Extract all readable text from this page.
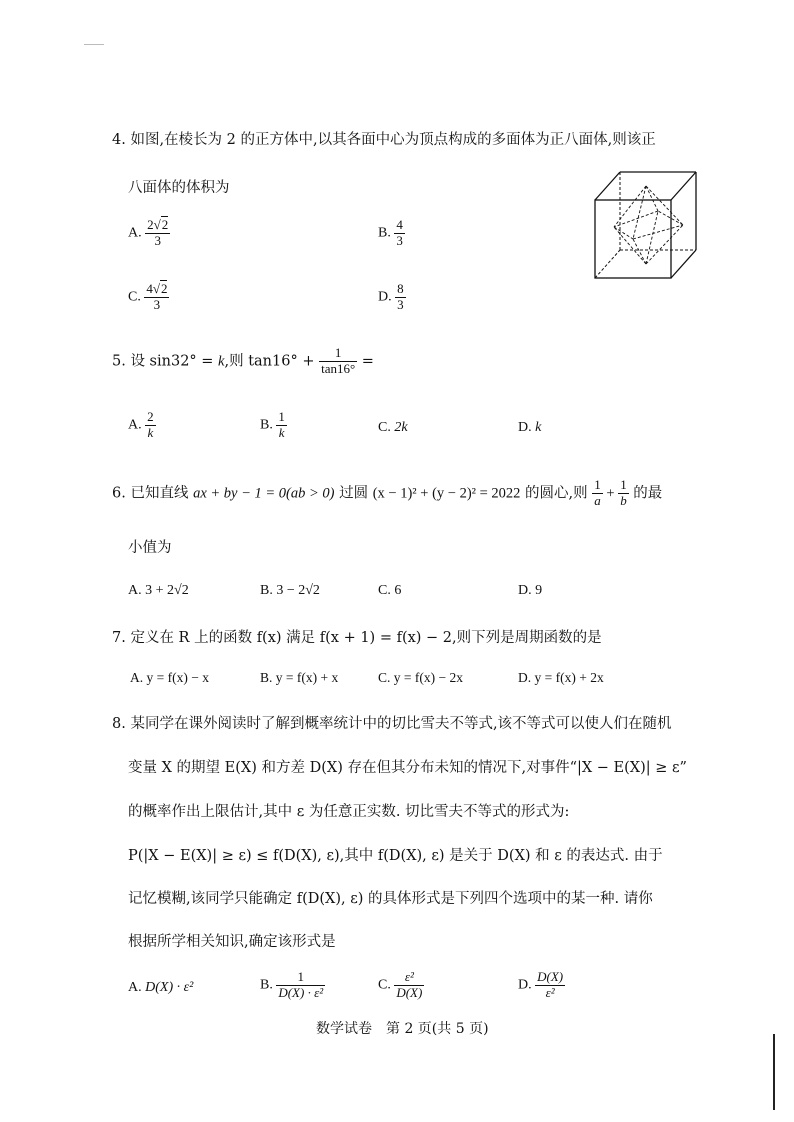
4. 如图,在棱长为 2 的正方体中,以其各面中心为顶点构成的多面体为正八面体,则该正
八面体的体积为
A. $\frac{2√2}{3}$	B. $\frac{4}{3}$
C. $\frac{4√2}{3}$	D. $\frac{8}{3}$
5. 设 sin32° = k,则 $\tan 16^\circ + \frac{1}{\tan 16^\circ}$ =
A. $\frac{2}{k}$	B. $\frac{1}{k}$	C. 2k	D. k
6. 已知直线 ax + by − 1 = 0(ab > 0) 过圆 (x − 1)² + (y − 2)² = 2022 的圆心,则 $\frac{1}{a} + \frac{1}{b}$ 的最
小值为
A. 3 + 2√2	B. 3 − 2√2	C. 6	D. 9
7. 定义在 R 上的函数 f(x) 满足 f(x + 1) = f(x) − 2,则下列是周期函数的是
A. y = f(x) − x	B. y = f(x) + x	C. y = f(x) − 2x	D. y = f(x) + 2x
8. 某同学在课外阅读时了解到概率统计中的切比雪夫不等式,该不等式可以使人们在随机
变量 X 的期望 E(X) 和方差 D(X) 存在但其分布未知的情况下,对事件“|X − E(X)| ≥ ε”
的概率作出上限估计,其中 ε 为任意正实数. 切比雪夫不等式的形式为:
P(|X − E(X)| ≥ ε) ≤ f(D(X), ε),其中 f(D(X), ε) 是关于 D(X) 和 ε 的表达式. 由于
记忆模糊,该同学只能确定 f(D(X), ε) 的具体形式是下列四个选项中的某一种. 请你
根据所学相关知识,确定该形式是
A. D(X) · ε²	B. $\frac{1}{\text{D(X) · ε²}}$	C. $\frac{\text{ε²}}{D(X)}$	D. $\frac{D(X)}{\text{ε²}}$
数学试卷　第 2 页(共 5 页)
